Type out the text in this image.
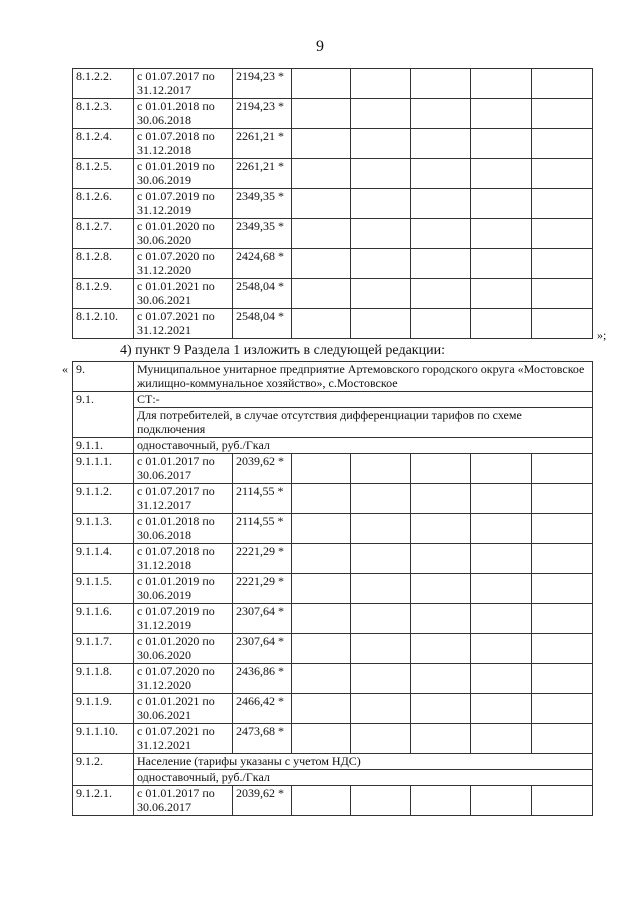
9
8.1.2.2.	с 01.07.2017 по 31.12.2017	2194,23 *					
8.1.2.3.	с 01.01.2018 по 30.06.2018	2194,23 *					
8.1.2.4.	с 01.07.2018 по 31.12.2018	2261,21 *					
8.1.2.5.	с 01.01.2019 по 30.06.2019	2261,21 *					
8.1.2.6.	с 01.07.2019 по 31.12.2019	2349,35 *					
8.1.2.7.	с 01.01.2020 по 30.06.2020	2349,35 *					
8.1.2.8.	с 01.07.2020 по 31.12.2020	2424,68 *					
8.1.2.9.	с 01.01.2021 по 30.06.2021	2548,04 *					
8.1.2.10.	с 01.07.2021 по 31.12.2021	2548,04 *					
»;
4) пункт 9 Раздела 1 изложить в следующей редакции:
« 9.	Муниципальное унитарное предприятие Артемовского городского округа «Мостовское жилищно-коммунальное хозяйство», с.Мостовское						
9.1.	СТ:-						
	Для потребителей, в случае отсутствия дифференциации тарифов по схеме подключения						
9.1.1.	одноставочный, руб./Гкал						
9.1.1.1.	с 01.01.2017 по 30.06.2017	2039,62 *					
9.1.1.2.	с 01.07.2017 по 31.12.2017	2114,55 *					
9.1.1.3.	с 01.01.2018 по 30.06.2018	2114,55 *					
9.1.1.4.	с 01.07.2018 по 31.12.2018	2221,29 *					
9.1.1.5.	с 01.01.2019 по 30.06.2019	2221,29 *					
9.1.1.6.	с 01.07.2019 по 31.12.2019	2307,64 *					
9.1.1.7.	с 01.01.2020 по 30.06.2020	2307,64 *					
9.1.1.8.	с 01.07.2020 по 31.12.2020	2436,86 *					
9.1.1.9.	с 01.01.2021 по 30.06.2021	2466,42 *					
9.1.1.10.	с 01.07.2021 по 31.12.2021	2473,68 *					
9.1.2.	Население (тарифы указаны с учетом НДС)						
	одноставочный, руб./Гкал						
9.1.2.1.	с 01.01.2017 по 30.06.2017	2039,62 *					
